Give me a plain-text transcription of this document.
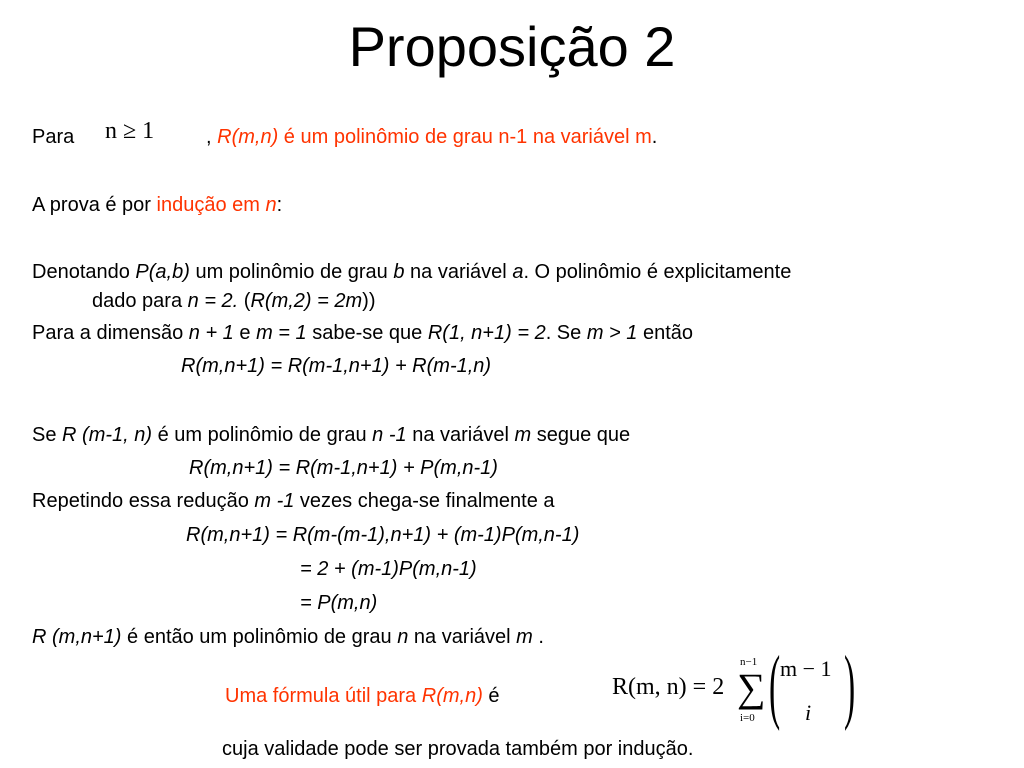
Proposição 2
Para n ≥ 1	, R(m,n) é um polinômio de grau n-1 na variável m.
A prova é por indução em n:
Denotando P(a,b) um polinômio de grau b na variável a. O polinômio é explicitamente
dado para n = 2. (R(m,2) = 2m))
Para a dimensão n + 1 e m = 1 sabe-se que R(1, n+1) = 2. Se m > 1 então
R(m,n+1) = R(m-1,n+1) + R(m-1,n)
Se R (m-1, n) é um polinômio de grau n -1 na variável m segue que
R(m,n+1) = R(m-1,n+1) + P(m,n-1)
Repetindo essa redução m -1 vezes chega-se finalmente a
R(m,n+1) = R(m-(m-1),n+1) + (m-1)P(m,n-1)
= 2 + (m-1)P(m,n-1)
= P(m,n)
R (m,n+1) é então um polinômio de grau n na variável m .
Uma fórmula útil para R(m,n) é	R(m, n) = 2
n−1
∑
i=0 ( m − 1
i )
cuja validade pode ser provada também por indução.
